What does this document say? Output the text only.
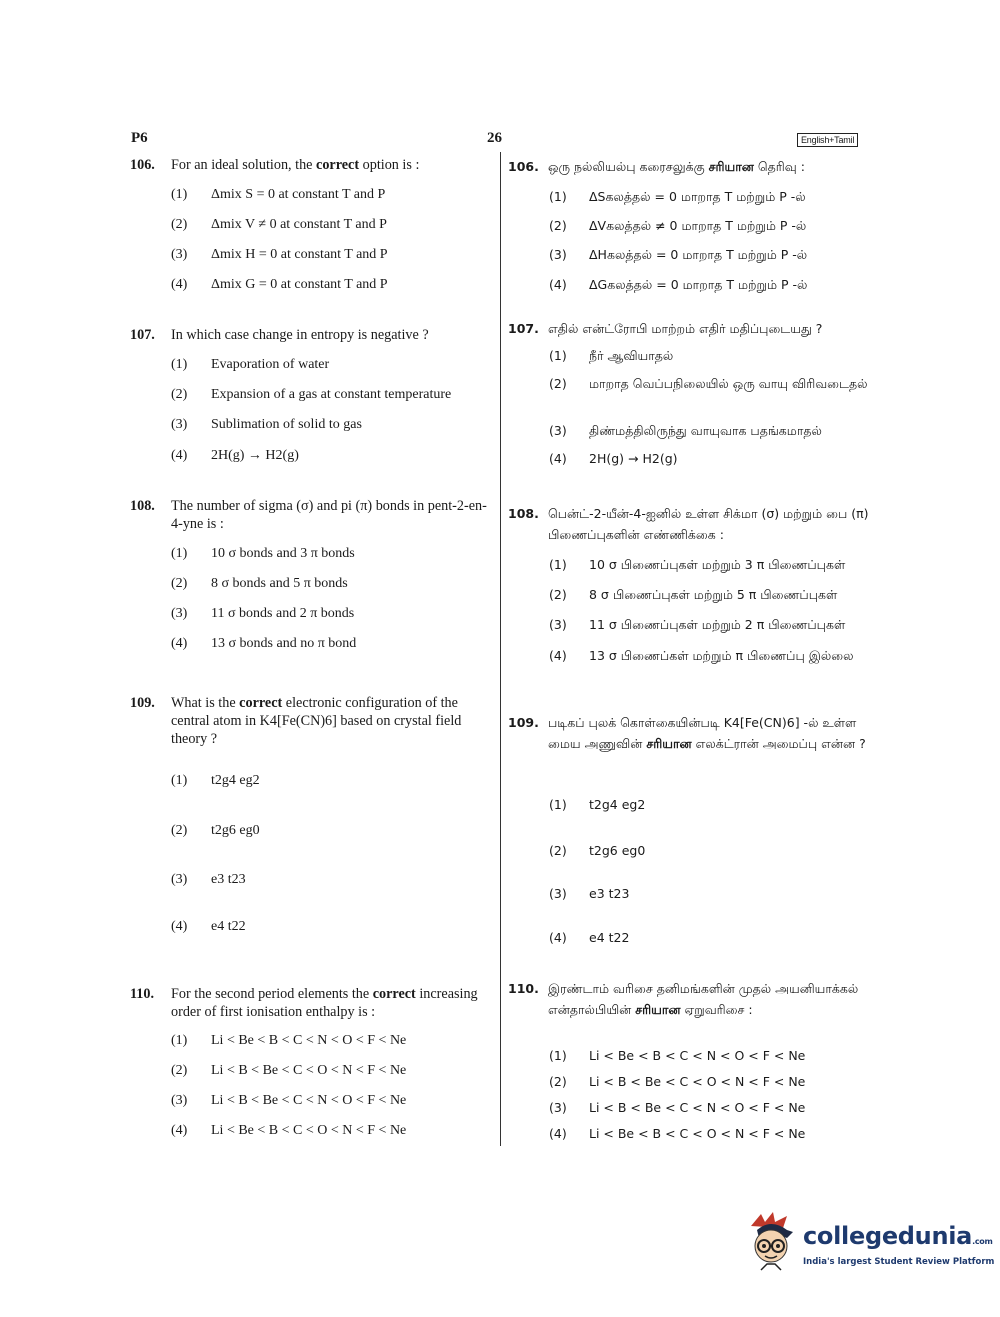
P6	26	English+Tamil
106. For an ideal solution, the correct option is :
(1)	Δmix S = 0 at constant T and P
(2)	Δmix V ≠ 0 at constant T and P
(3)	Δmix H = 0 at constant T and P
(4)	Δmix G = 0 at constant T and P
107. In which case change in entropy is negative ?
(1)	Evaporation of water
(2)	Expansion of a gas at constant temperature
(3)	Sublimation of solid to gas
(4)	2H(g) → H2(g)
108. The number of sigma (σ) and pi (π) bonds in pent-2-en-4-yne is :
(1)	10 σ bonds and 3 π bonds
(2)	8 σ bonds and 5 π bonds
(3)	11 σ bonds and 2 π bonds
(4)	13 σ bonds and no π bond
109. What is the correct electronic configuration of the central atom in K4[Fe(CN)6] based on crystal field theory ?
(1)	t2g4 eg2
(2)	t2g6 eg0
(3)	e3 t23
(4)	e4 t22
110. For the second period elements the correct increasing order of first ionisation enthalpy is :
(1)	Li < Be < B < C < N < O < F < Ne
(2)	Li < B < Be < C < O < N < F < Ne
(3)	Li < B < Be < C < N < O < F < Ne
(4)	Li < Be < B < C < O < N < F < Ne
106. ஒரு நல்லியல்பு கரைசலுக்கு சரியான தெரிவு :
(1)	ΔSகலத்தல் = 0 மாறாத T மற்றும் P -ல்
(2)	ΔVகலத்தல் ≠ 0 மாறாத T மற்றும் P -ல்
(3)	ΔHகலத்தல் = 0 மாறாத T மற்றும் P -ல்
(4)	ΔGகலத்தல் = 0 மாறாத T மற்றும் P -ல்
107. எதில் என்ட்ரோபி மாற்றம் எதிர் மதிப்புடையது ?
(1)	நீர் ஆவியாதல்
(2)	மாறாத வெப்பநிலையில் ஒரு வாயு விரிவடைதல்
(3)	திண்மத்திலிருந்து வாயுவாக பதங்கமாதல்
(4)	2H(g) → H2(g)
108. பென்ட்-2-யீன்-4-ஐனில் உள்ள சிக்மா (σ) மற்றும் பை (π) பிணைப்புகளின் எண்ணிக்கை :
(1)	10 σ பிணைப்புகள் மற்றும் 3 π பிணைப்புகள்
(2)	8 σ பிணைப்புகள் மற்றும் 5 π பிணைப்புகள்
(3)	11 σ பிணைப்புகள் மற்றும் 2 π பிணைப்புகள்
(4)	13 σ பிணைப்கள் மற்றும் π பிணைப்பு இல்லை
109. படிகப் புலக் கொள்கையின்படி K4[Fe(CN)6] -ல் உள்ள மைய அணுவின் சரியான எலக்ட்ரான் அமைப்பு என்ன ?
(1)	t2g4 eg2
(2)	t2g6 eg0
(3)	e3 t23
(4)	e4 t22
110. இரண்டாம் வரிசை தனிமங்களின் முதல் அயனியாக்கல் என்தால்பியின் சரியான ஏறுவரிசை :
(1)	Li < Be < B < C < N < O < F < Ne
(2)	Li < B < Be < C < O < N < F < Ne
(3)	Li < B < Be < C < N < O < F < Ne
(4)	Li < Be < B < C < O < N < F < Ne
collegedunia.com
India's largest Student Review Platform
